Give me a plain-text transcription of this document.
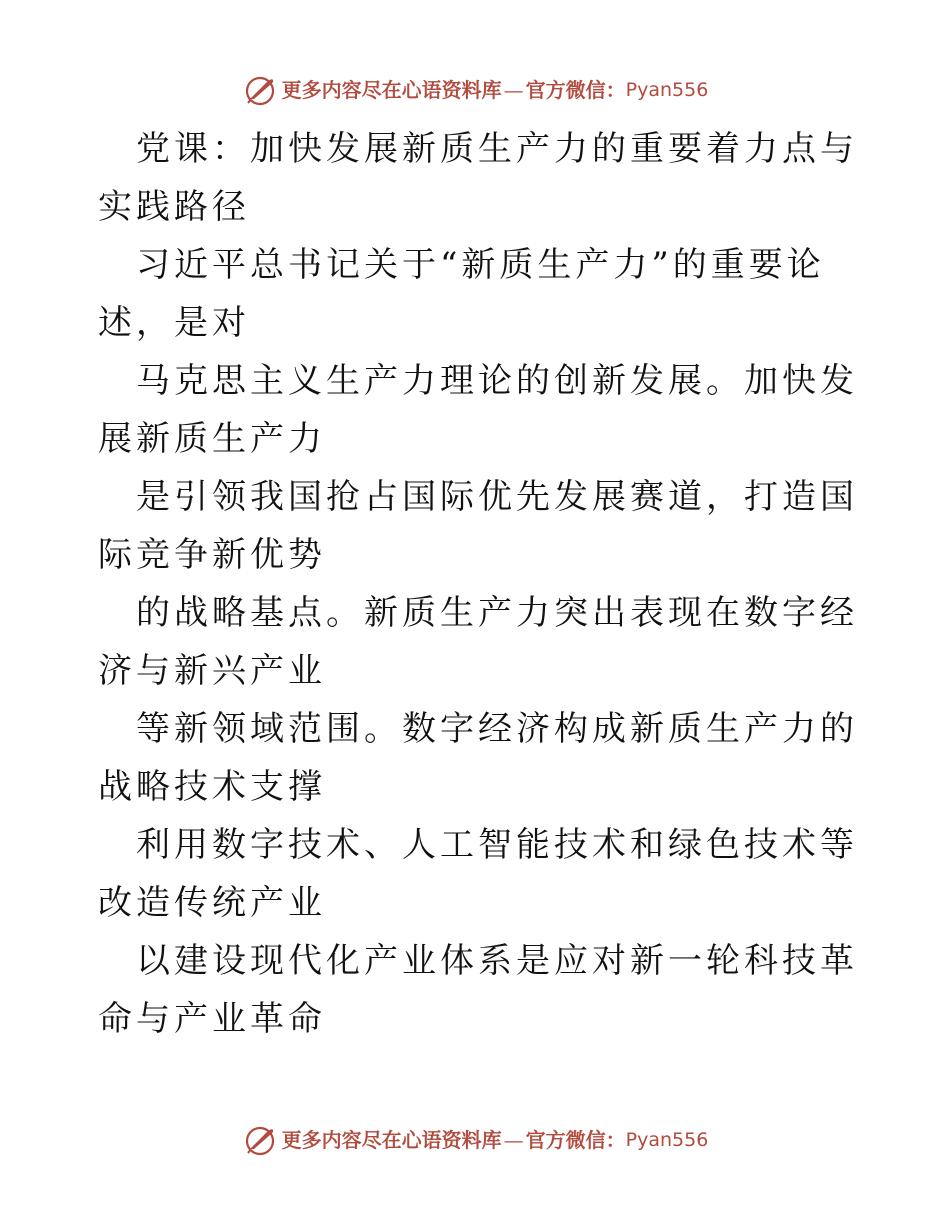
更多内容尽在心语资料库 — 官方微信： Pyan556

党课：加快发展新质生产力的重要着力点与实践路径

习近平总书记关于“新质生产力”的重要论述，是对

马克思主义生产力理论的创新发展。加快发展新质生产力

是引领我国抢占国际优先发展赛道，打造国际竞争新优势

的战略基点。新质生产力突出表现在数字经济与新兴产业

等新领域范围。数字经济构成新质生产力的战略技术支撑

利用数字技术、人工智能技术和绿色技术等改造传统产业

以建设现代化产业体系是应对新一轮科技革命与产业革命

更多内容尽在心语资料库 — 官方微信： Pyan556
